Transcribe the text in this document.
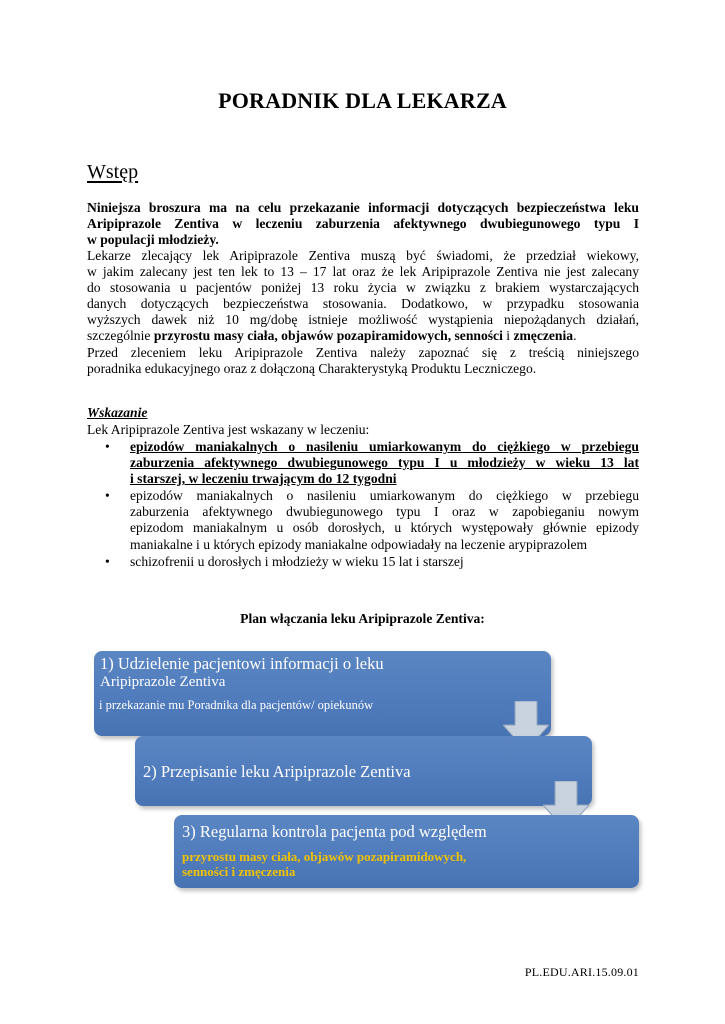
PORADNIK DLA LEKARZA
Wstęp
Niniejsza broszura ma na celu przekazanie informacji dotyczących bezpieczeństwa leku
Aripiprazole Zentiva w leczeniu zaburzenia afektywnego dwubiegunowego typu I
w populacji młodzieży.
Lekarze zlecający lek Aripiprazole Zentiva muszą być świadomi, że przedział wiekowy,
w jakim zalecany jest ten lek to 13 – 17 lat oraz że lek Aripiprazole Zentiva nie jest zalecany
do stosowania u pacjentów poniżej 13 roku życia w związku z brakiem wystarczających
danych dotyczących bezpieczeństwa stosowania. Dodatkowo, w przypadku stosowania
wyższych dawek niż 10 mg/dobę istnieje możliwość wystąpienia niepożądanych działań,
szczególnie przyrostu masy ciała, objawów pozapiramidowych, senności i zmęczenia.
Przed zleceniem leku Aripiprazole Zentiva należy zapoznać się z treścią niniejszego
poradnika edukacyjnego oraz z dołączoną Charakterystyką Produktu Leczniczego.
Wskazanie
Lek Aripiprazole Zentiva jest wskazany w leczeniu:
• epizodów maniakalnych o nasileniu umiarkowanym do ciężkiego w przebiegu
zaburzenia afektywnego dwubiegunowego typu I u młodzieży w wieku 13 lat
i starszej, w leczeniu trwającym do 12 tygodni
• epizodów maniakalnych o nasileniu umiarkowanym do ciężkiego w przebiegu
zaburzenia afektywnego dwubiegunowego typu I oraz w zapobieganiu nowym
epizodom maniakalnym u osób dorosłych, u których występowały głównie epizody
maniakalne i u których epizody maniakalne odpowiadały na leczenie arypiprazolem
• schizofrenii u dorosłych i młodzieży w wieku 15 lat i starszej
Plan włączania leku Aripiprazole Zentiva:
1) Udzielenie pacjentowi informacji o leku
Aripiprazole Zentiva
i przekazanie mu Poradnika dla pacjentów/ opiekunów
2) Przepisanie leku Aripiprazole Zentiva
3) Regularna kontrola pacjenta pod względem
przyrostu masy ciała, objawów pozapiramidowych,
senności i zmęczenia
PL.EDU.ARI.15.09.01
